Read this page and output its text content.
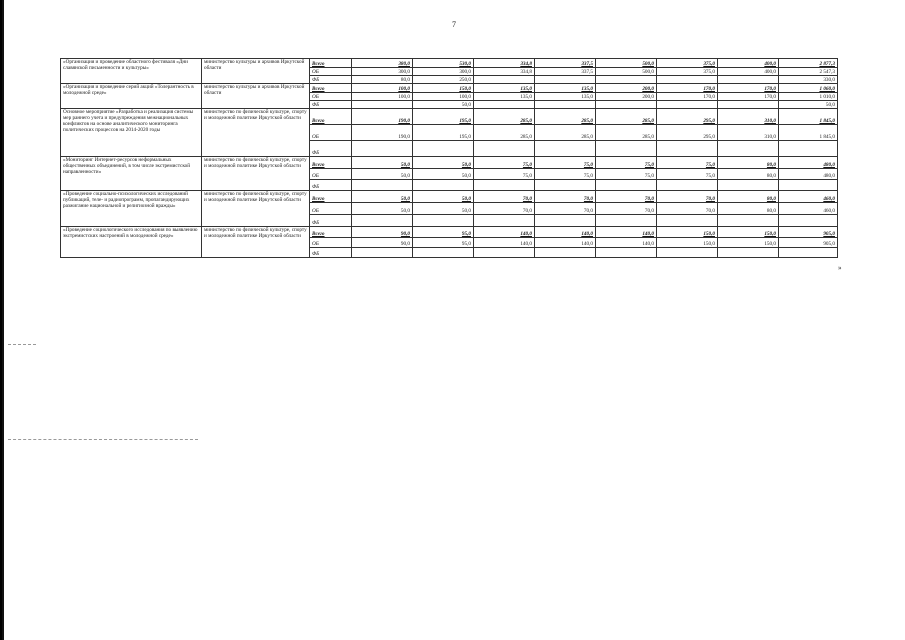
7
«Организация и проведение областного фестиваля «Дни славянской письменности и культуры»	министерство культуры и архивов Иркутской области	Всего	380,0	530,0	334,8	337,5	500,0	375,0	400,0	2 877,3
		ОБ	300,0	300,0	334,8	337,5	500,0	375,0	400,0	2 547,3
		ФБ	80,0	250,0						330,0
«Организация и проведение серий акций «Толерантность в молодежной среде»	министерство культуры и архивов Иркутской области	Всего	100,0	150,0	135,0	135,0	200,0	170,0	170,0	1 060,0
		ОБ	100,0	100,0	135,0	135,0	200,0	170,0	170,0	1 010,0
		ФБ		50,0						50,0
Основное мероприятие «Разработка и реализация системы мер раннего учета и предупреждения межнациональных конфликтов на основе аналитического мониторинга политических процессов на 2014-2020 годы	министерство по физической культуре, спорту и молодежной политике Иркутской области	Всего	190,0	195,0	285,0	285,0	285,0	295,0	310,0	1 845,0
		ОБ	190,0	195,0	285,0	285,0	285,0	295,0	310,0	1 845,0
		ФБ								
«Мониторинг Интернет-ресурсов неформальных общественных объединений, в том числе экстремистской направленности»	министерство по физической культуре, спорту и молодежной политике Иркутской области	Всего	50,0	50,0	75,0	75,0	75,0	75,0	80,0	480,0
		ОБ	50,0	50,0	75,0	75,0	75,0	75,0	80,0	480,0
		ФБ								
«Проведение социально-психологических исследований публикаций, теле- и радиопрограмм, пропагандирующих разжигание национальной и религиозной вражды»	министерство по физической культуре, спорту и молодежной политике Иркутской области	Всего	50,0	50,0	70,0	70,0	70,0	70,0	80,0	460,0
		ОБ	50,0	50,0	70,0	70,0	70,0	70,0	80,0	460,0
		ФБ								
«Проведение социологического исследования по выявлению экстремистских настроений в молодежной среде»	министерство по физической культуре, спорту и молодежной политике Иркутской области	Всего	90,0	95,0	140,0	140,0	140,0	150,0	150,0	905,0
		ОБ	90,0	95,0	140,0	140,0	140,0	150,0	150,0	905,0
		ФБ								
»
